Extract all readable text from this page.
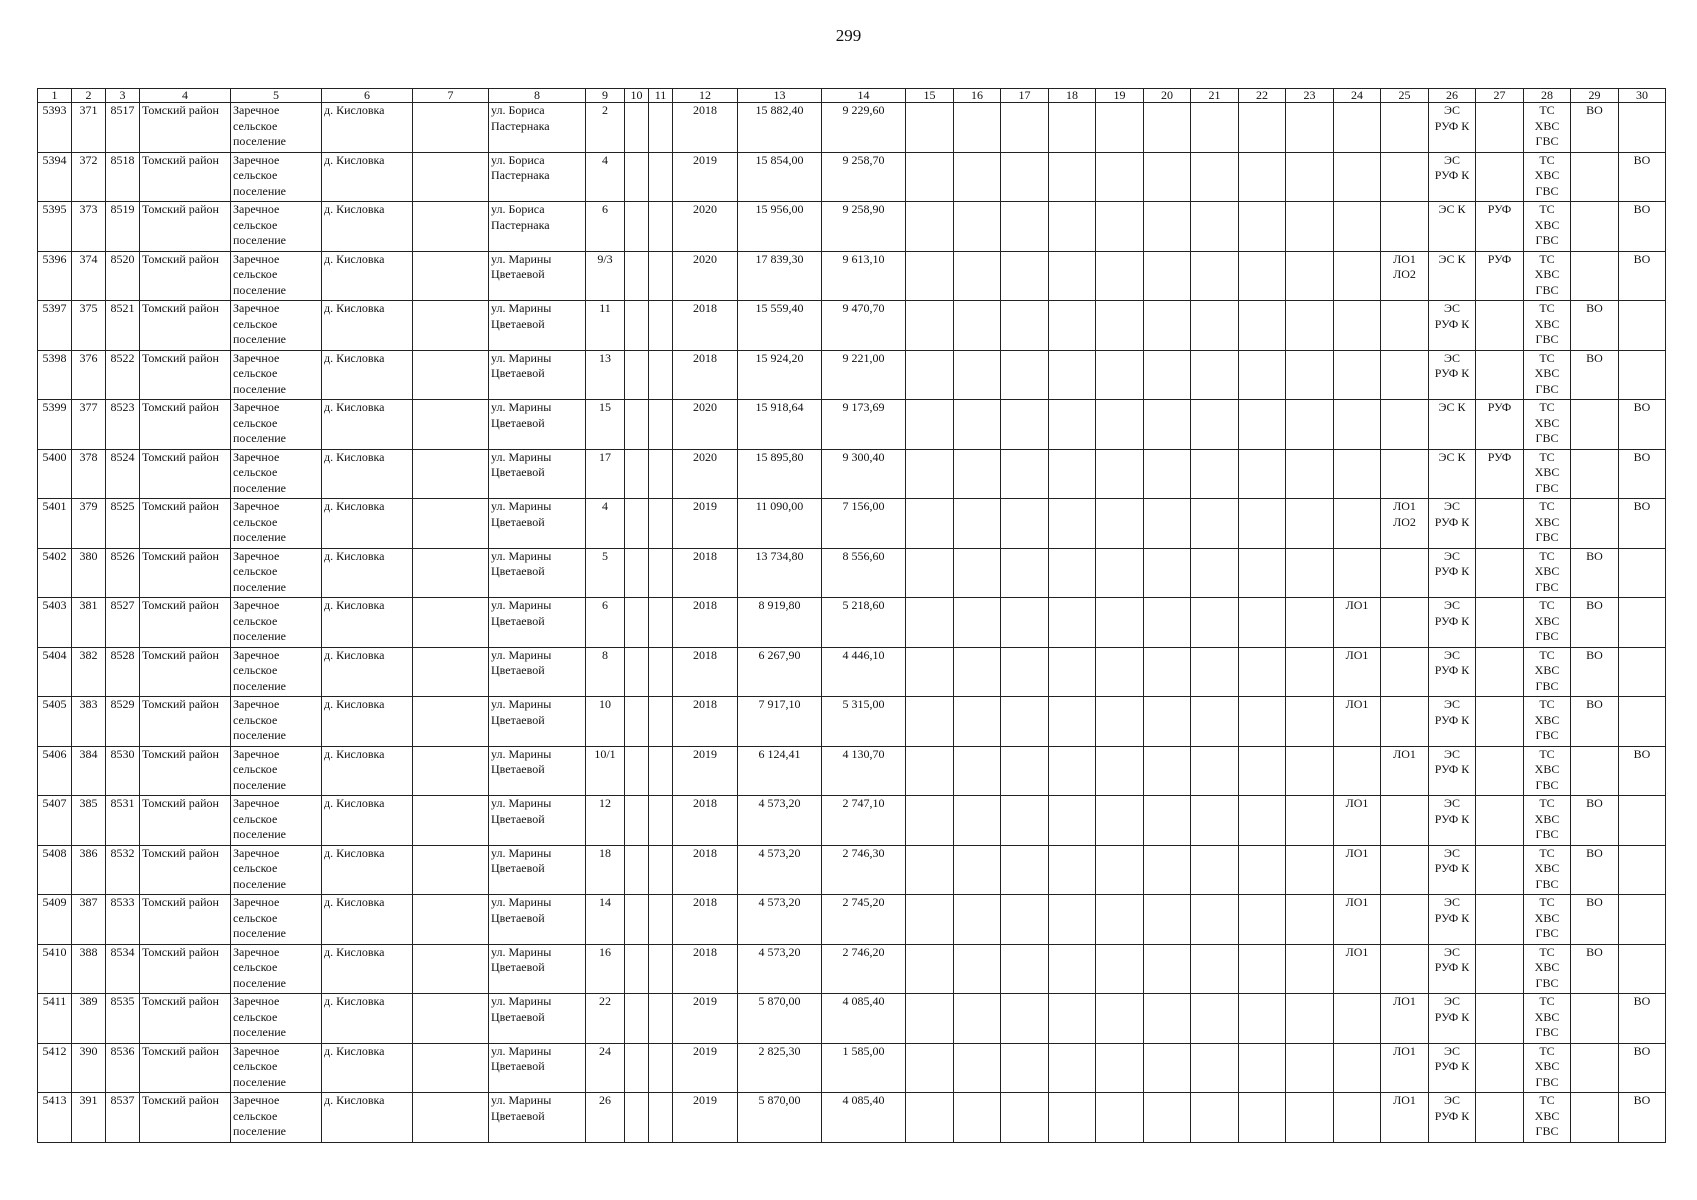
299
1	2	3	4	5	6	7	8	9	10	11	12	13	14	15	16	17	18	19	20	21	22	23	24	25	26	27	28	29	30
5393	371	8517	Томский район	Заречное сельское поселение	д. Кисловка		ул. Бориса Пастернака	2			2018	15 882,40	9 229,60												ЭС РУФ К		ТС ХВС ГВС	ВО	
5394	372	8518	Томский район	Заречное сельское поселение	д. Кисловка		ул. Бориса Пастернака	4			2019	15 854,00	9 258,70												ЭС РУФ К		ТС ХВС ГВС		ВО
5395	373	8519	Томский район	Заречное сельское поселение	д. Кисловка		ул. Бориса Пастернака	6			2020	15 956,00	9 258,90												ЭС К	РУФ	ТС ХВС ГВС		ВО
5396	374	8520	Томский район	Заречное сельское поселение	д. Кисловка		ул. Марины Цветаевой	9/3			2020	17 839,30	9 613,10											ЛО1 ЛО2	ЭС К	РУФ	ТС ХВС ГВС		ВО
5397	375	8521	Томский район	Заречное сельское поселение	д. Кисловка		ул. Марины Цветаевой	11			2018	15 559,40	9 470,70												ЭС РУФ К		ТС ХВС ГВС	ВО	
5398	376	8522	Томский район	Заречное сельское поселение	д. Кисловка		ул. Марины Цветаевой	13			2018	15 924,20	9 221,00												ЭС РУФ К		ТС ХВС ГВС	ВО	
5399	377	8523	Томский район	Заречное сельское поселение	д. Кисловка		ул. Марины Цветаевой	15			2020	15 918,64	9 173,69												ЭС К	РУФ	ТС ХВС ГВС		ВО
5400	378	8524	Томский район	Заречное сельское поселение	д. Кисловка		ул. Марины Цветаевой	17			2020	15 895,80	9 300,40												ЭС К	РУФ	ТС ХВС ГВС		ВО
5401	379	8525	Томский район	Заречное сельское поселение	д. Кисловка		ул. Марины Цветаевой	4			2019	11 090,00	7 156,00											ЛО1 ЛО2	ЭС РУФ К		ТС ХВС ГВС		ВО
5402	380	8526	Томский район	Заречное сельское поселение	д. Кисловка		ул. Марины Цветаевой	5			2018	13 734,80	8 556,60												ЭС РУФ К		ТС ХВС ГВС	ВО	
5403	381	8527	Томский район	Заречное сельское поселение	д. Кисловка		ул. Марины Цветаевой	6			2018	8 919,80	5 218,60										ЛО1		ЭС РУФ К		ТС ХВС ГВС	ВО	
5404	382	8528	Томский район	Заречное сельское поселение	д. Кисловка		ул. Марины Цветаевой	8			2018	6 267,90	4 446,10										ЛО1		ЭС РУФ К		ТС ХВС ГВС	ВО	
5405	383	8529	Томский район	Заречное сельское поселение	д. Кисловка		ул. Марины Цветаевой	10			2018	7 917,10	5 315,00										ЛО1		ЭС РУФ К		ТС ХВС ГВС	ВО	
5406	384	8530	Томский район	Заречное сельское поселение	д. Кисловка		ул. Марины Цветаевой	10/1			2019	6 124,41	4 130,70											ЛО1	ЭС РУФ К		ТС ХВС ГВС		ВО
5407	385	8531	Томский район	Заречное сельское поселение	д. Кисловка		ул. Марины Цветаевой	12			2018	4 573,20	2 747,10										ЛО1		ЭС РУФ К		ТС ХВС ГВС	ВО	
5408	386	8532	Томский район	Заречное сельское поселение	д. Кисловка		ул. Марины Цветаевой	18			2018	4 573,20	2 746,30										ЛО1		ЭС РУФ К		ТС ХВС ГВС	ВО	
5409	387	8533	Томский район	Заречное сельское поселение	д. Кисловка		ул. Марины Цветаевой	14			2018	4 573,20	2 745,20										ЛО1		ЭС РУФ К		ТС ХВС ГВС	ВО	
5410	388	8534	Томский район	Заречное сельское поселение	д. Кисловка		ул. Марины Цветаевой	16			2018	4 573,20	2 746,20										ЛО1		ЭС РУФ К		ТС ХВС ГВС	ВО	
5411	389	8535	Томский район	Заречное сельское поселение	д. Кисловка		ул. Марины Цветаевой	22			2019	5 870,00	4 085,40											ЛО1	ЭС РУФ К		ТС ХВС ГВС		ВО
5412	390	8536	Томский район	Заречное сельское поселение	д. Кисловка		ул. Марины Цветаевой	24			2019	2 825,30	1 585,00											ЛО1	ЭС РУФ К		ТС ХВС ГВС		ВО
5413	391	8537	Томский район	Заречное сельское поселение	д. Кисловка		ул. Марины Цветаевой	26			2019	5 870,00	4 085,40											ЛО1	ЭС РУФ К		ТС ХВС ГВС		ВО
